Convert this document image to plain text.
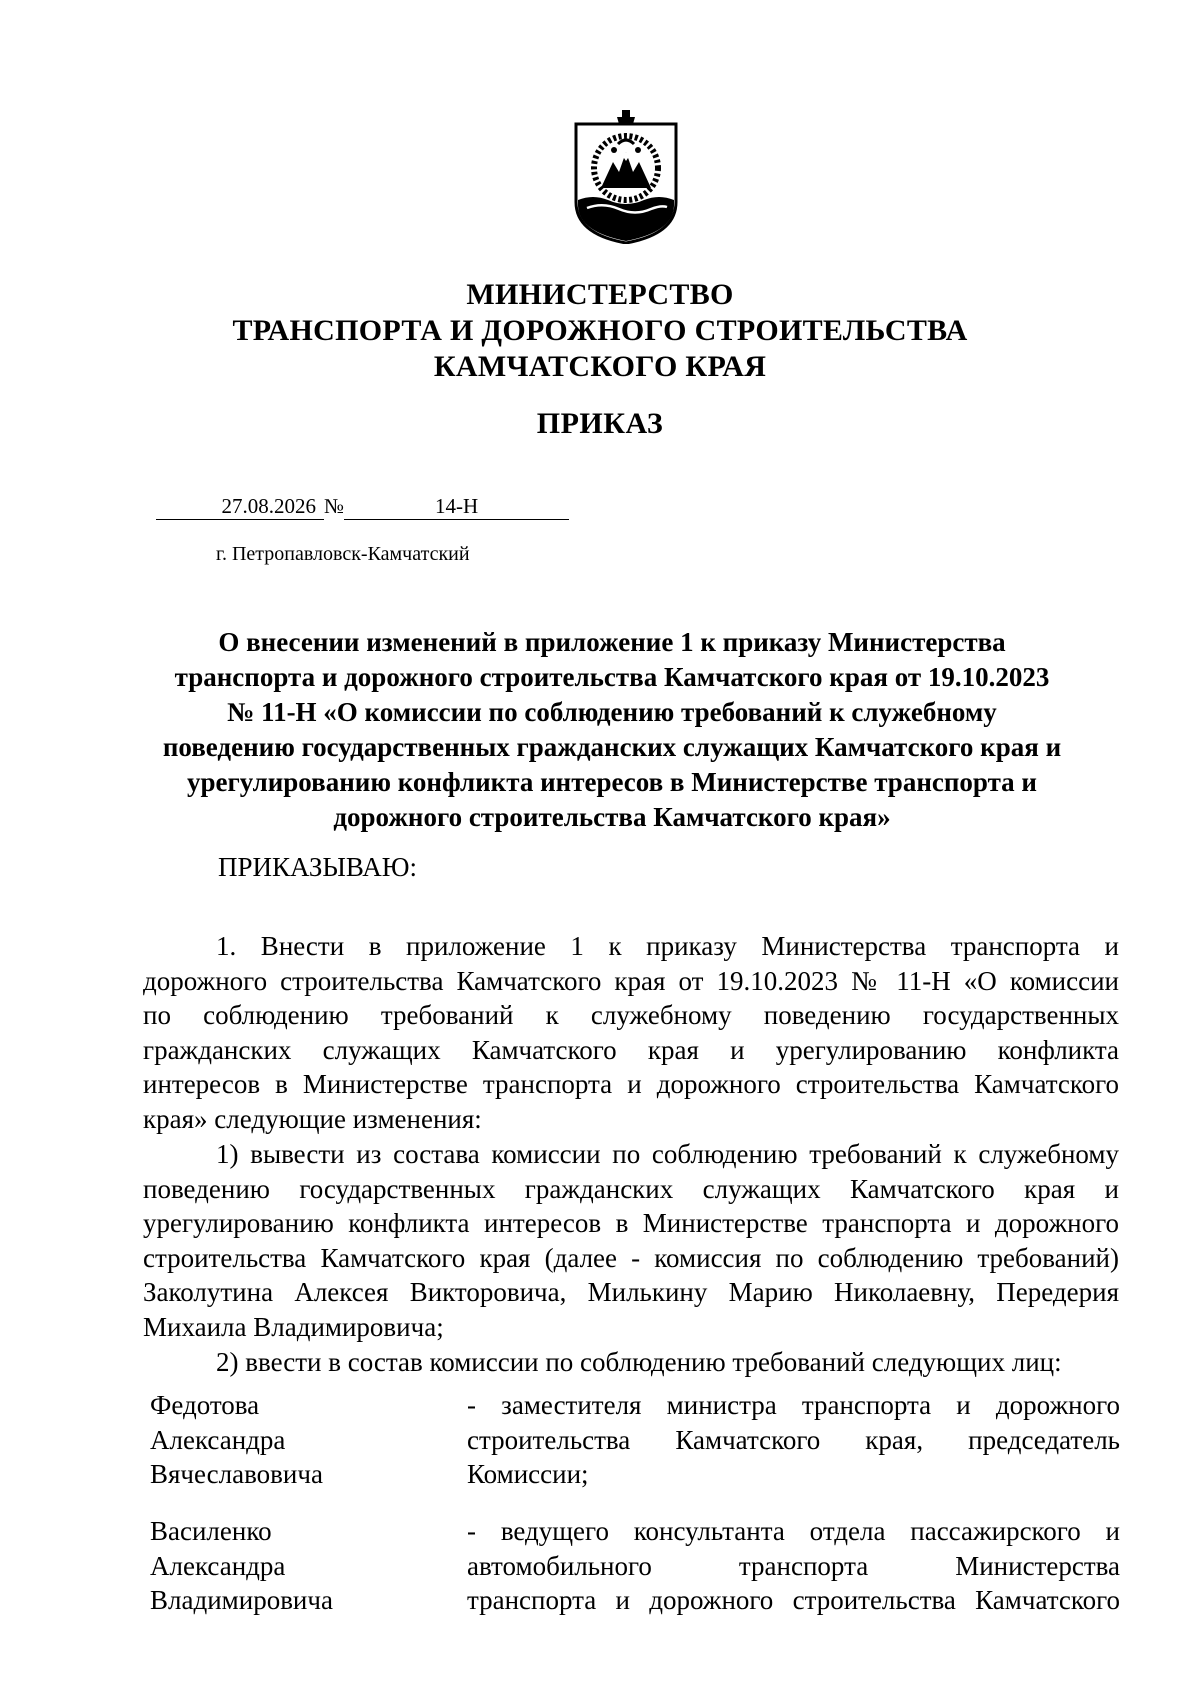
МИНИСТЕРСТВО
ТРАНСПОРТА И ДОРОЖНОГО СТРОИТЕЛЬСТВА
КАМЧАТСКОГО КРАЯ
ПРИКАЗ
27.08.2026 №	14-Н
г. Петропавловск-Камчатский
О внесении изменений в приложение 1 к приказу Министерства
транспорта и дорожного строительства Камчатского края от 19.10.2023
№ 11-Н «О комиссии по соблюдению требований к служебному
поведению государственных гражданских служащих Камчатского края и
урегулированию конфликта интересов в Министерстве транспорта и
дорожного строительства Камчатского края»
ПРИКАЗЫВАЮ:
1. Внести в приложение 1 к приказу Министерства транспорта и
дорожного строительства Камчатского края от 19.10.2023 № 11-Н «О комиссии
по соблюдению требований к служебному поведению государственных
гражданских служащих Камчатского края и урегулированию конфликта
интересов в Министерстве транспорта и дорожного строительства Камчатского
края» следующие изменения:
1) вывести из состава комиссии по соблюдению требований к служебному
поведению государственных гражданских служащих Камчатского края и
урегулированию конфликта интересов в Министерстве транспорта и дорожного
строительства Камчатского края (далее - комиссия по соблюдению требований)
Заколутина Алексея Викторовича, Милькину Марию Николаевну, Передерия
Михаила Владимировича;
2) ввести в состав комиссии по соблюдению требований следующих лиц:
Федотова
Александра
Вячеславовича
- заместителя министра транспорта и дорожного
строительства Камчатского края, председатель
Комиссии;
Василенко
Александра
Владимировича
- ведущего консультанта отдела пассажирского и
автомобильного транспорта Министерства
транспорта и дорожного строительства Камчатского
